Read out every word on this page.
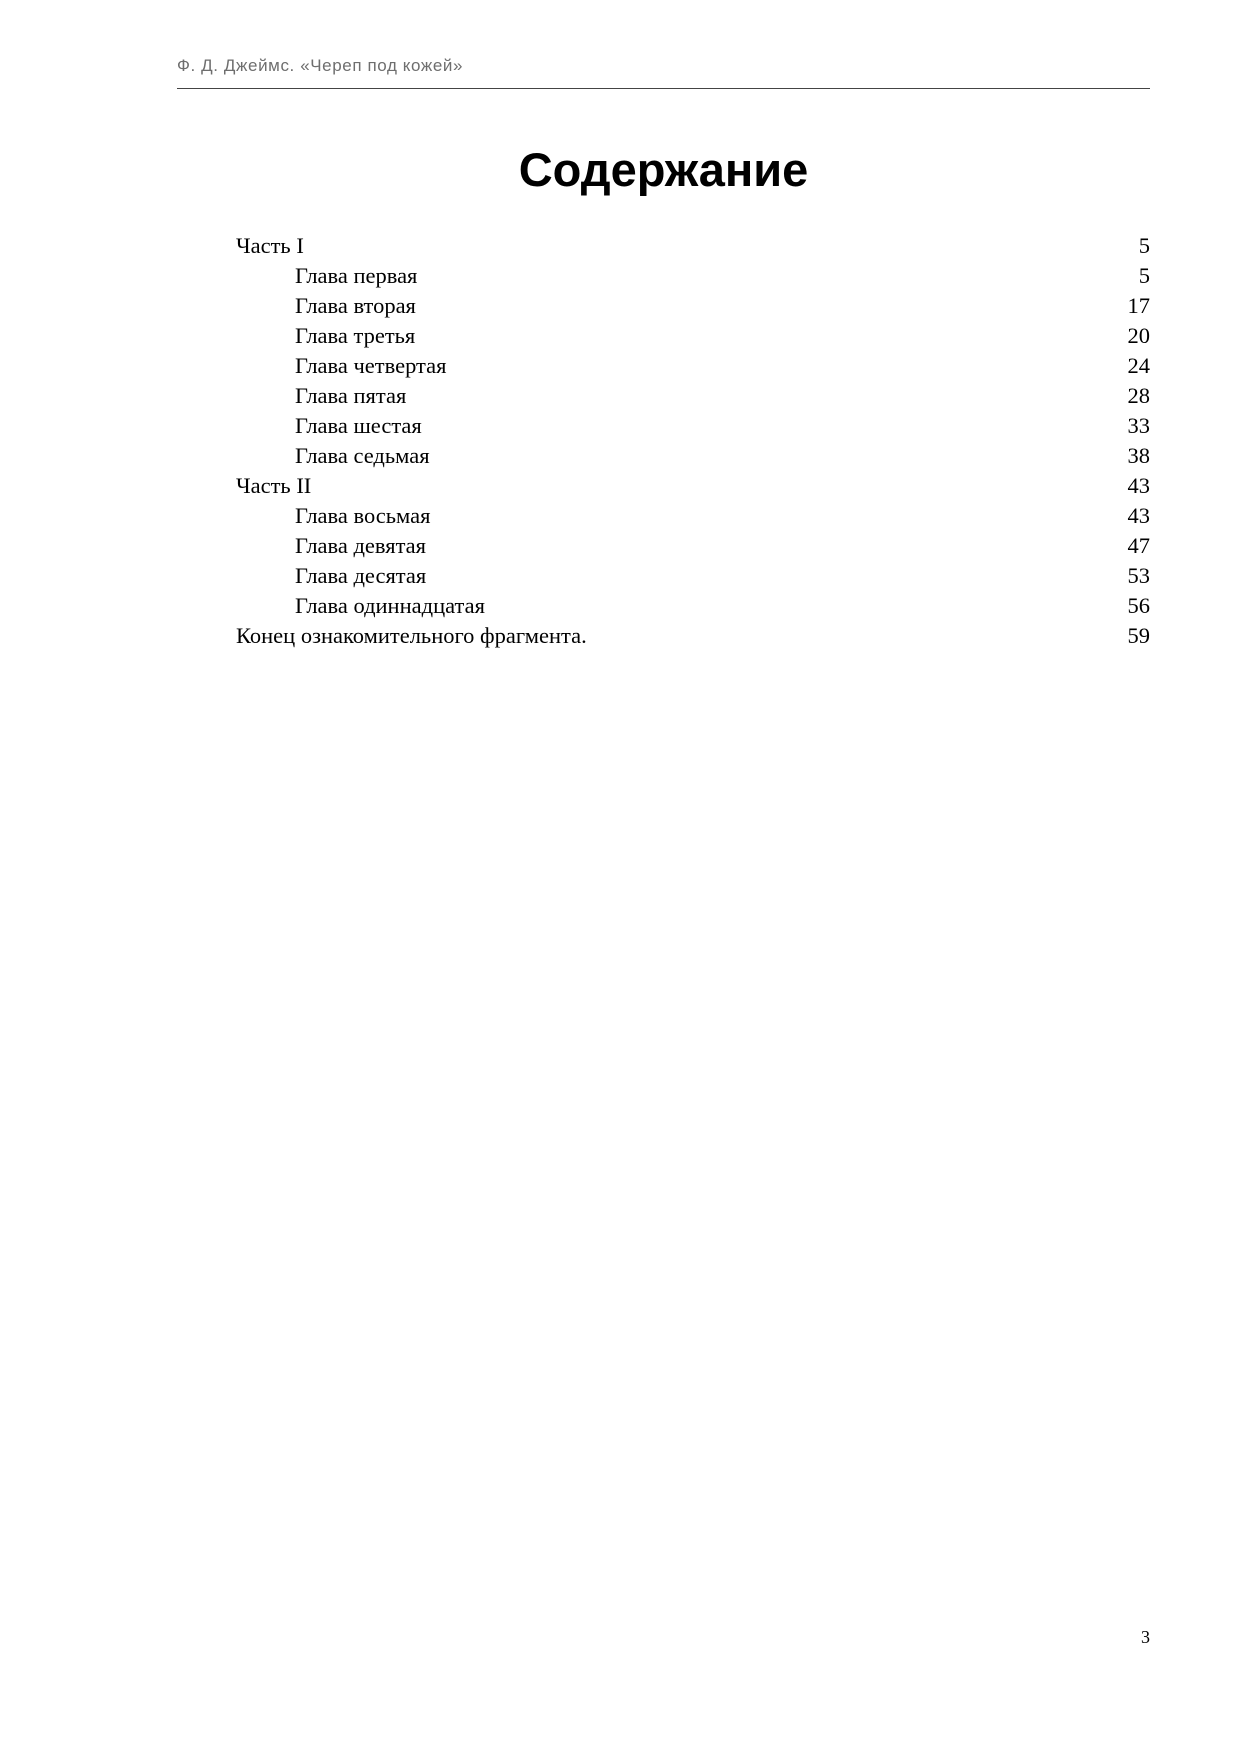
Ф. Д. Джеймс. «Череп под кожей»
Содержание
Часть I	5
Глава первая	5
Глава вторая	17
Глава третья	20
Глава четвертая	24
Глава пятая	28
Глава шестая	33
Глава седьмая	38
Часть II	43
Глава восьмая	43
Глава девятая	47
Глава десятая	53
Глава одиннадцатая	56
Конец ознакомительного фрагмента.	59
3
